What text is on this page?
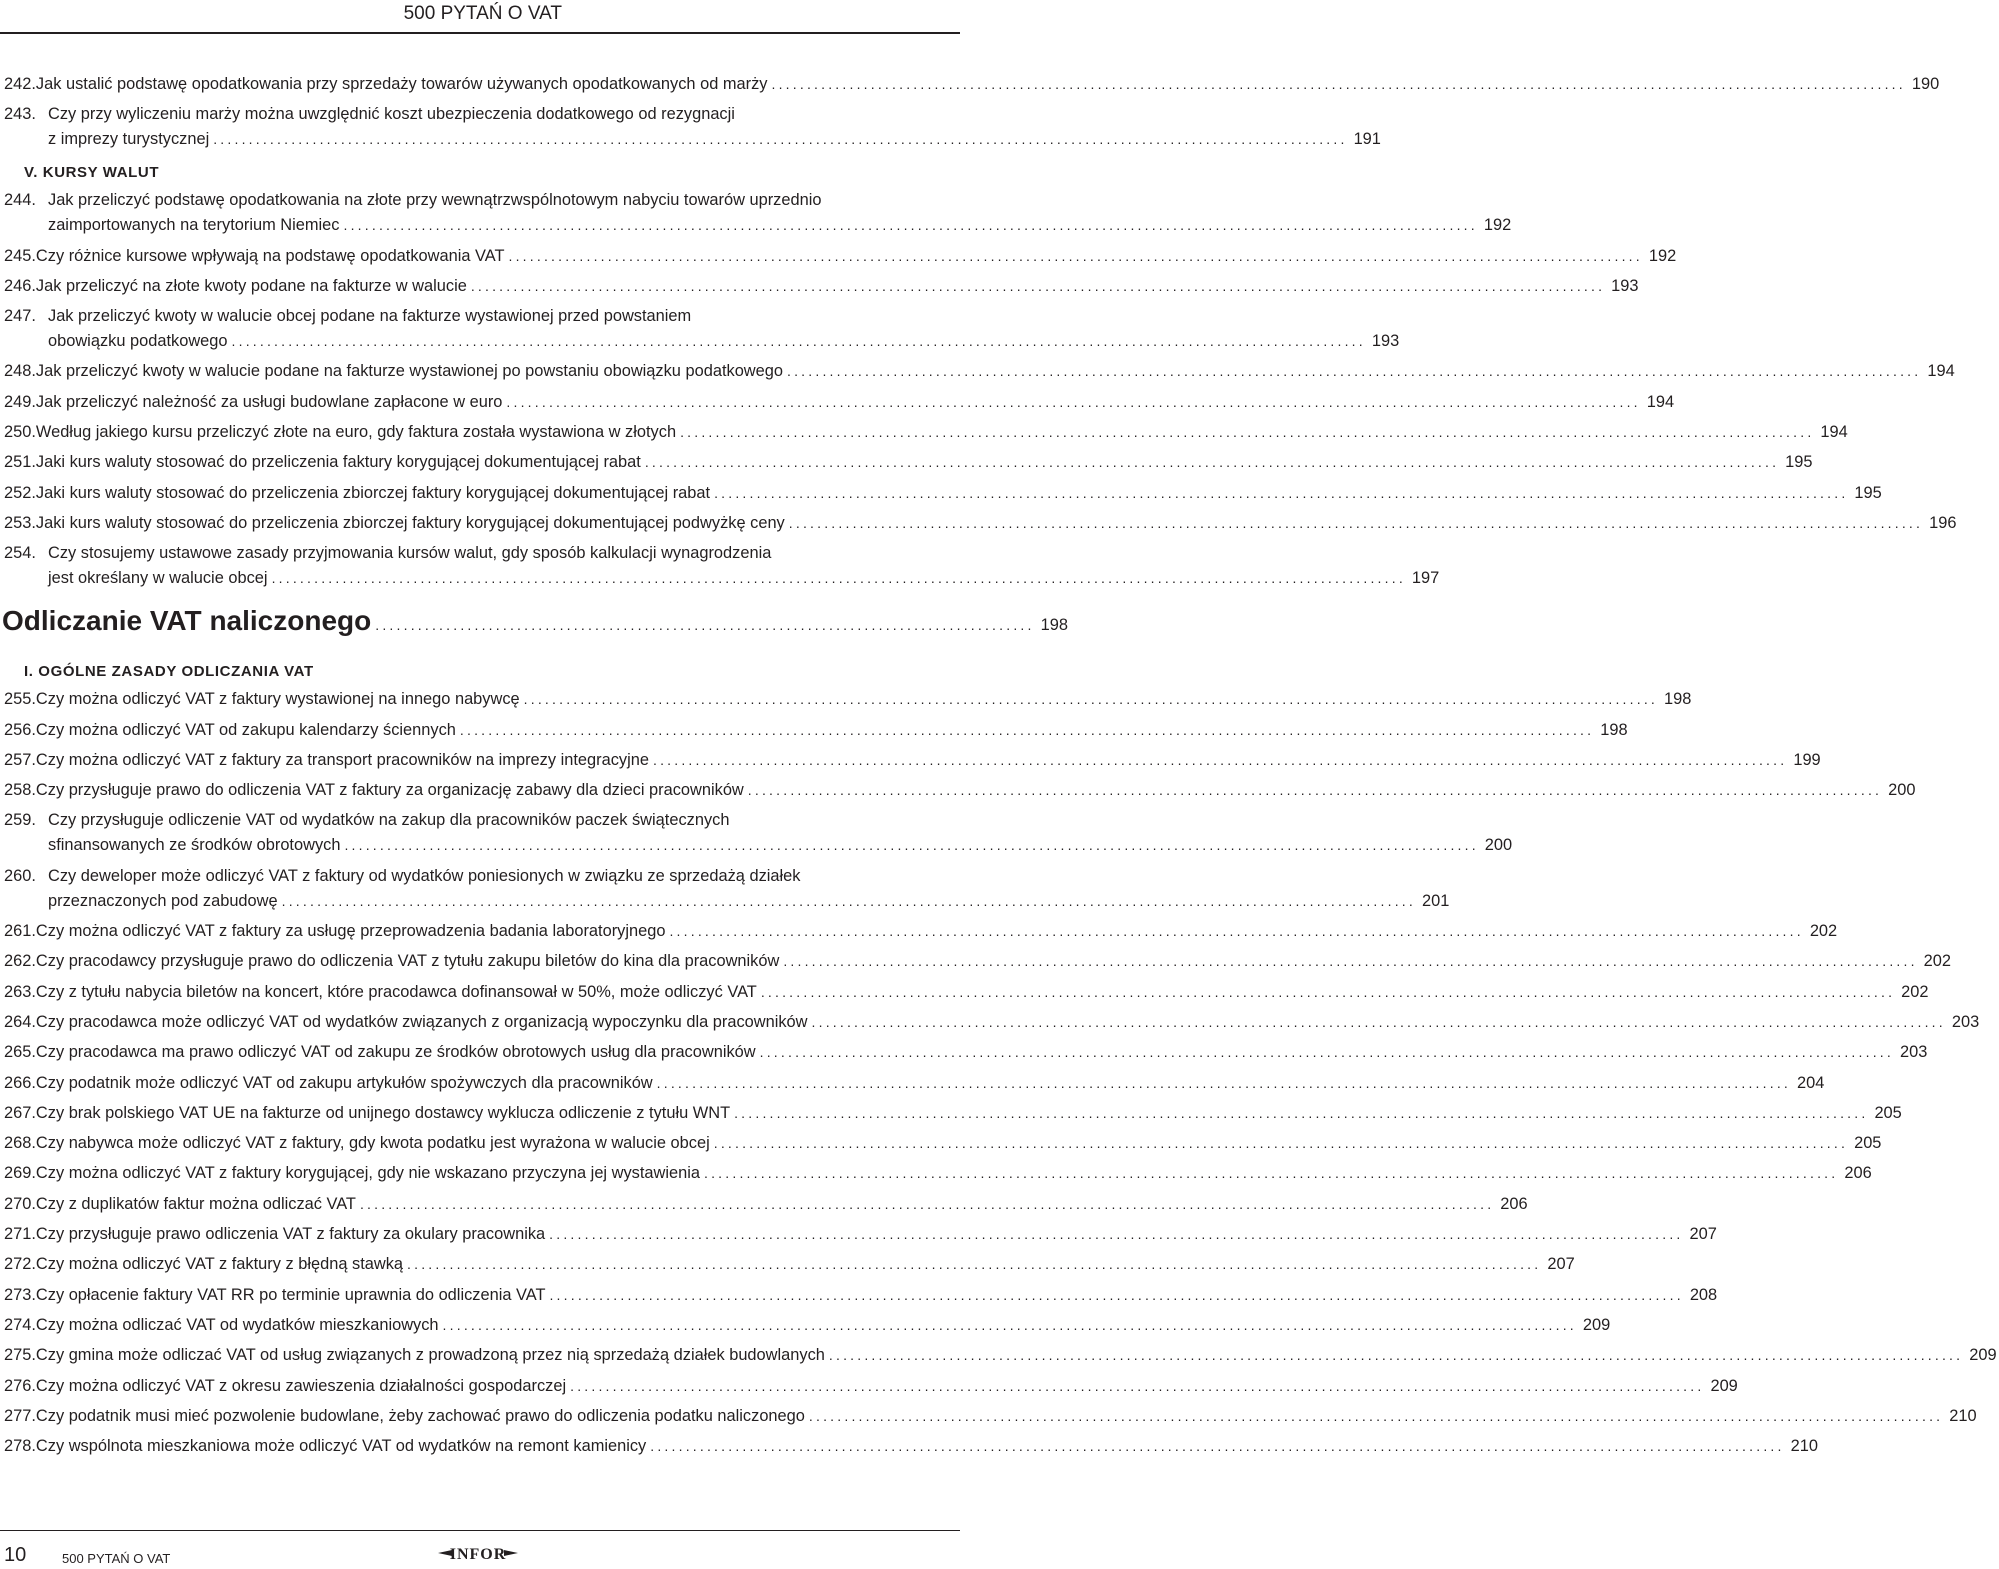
500 PYTAŃ O VAT
242. Jak ustalić podstawę opodatkowania przy sprzedaży towarów używanych opodatkowanych od marży ................................................................................................................................................................ 190
243. Czy przy wyliczeniu marży można uwzględnić koszt ubezpieczenia dodatkowego od rezygnacji
z imprezy turystycznej ................................................................................................................................................................ 191
V. KURSY WALUT
244. Jak przeliczyć podstawę opodatkowania na złote przy wewnątrzwspólnotowym nabyciu towarów uprzednio
zaimportowanych na terytorium Niemiec ................................................................................................................................................................ 192
245. Czy różnice kursowe wpływają na podstawę opodatkowania VAT ................................................................................................................................................................ 192
246. Jak przeliczyć na złote kwoty podane na fakturze w walucie ................................................................................................................................................................ 193
247. Jak przeliczyć kwoty w walucie obcej podane na fakturze wystawionej przed powstaniem
obowiązku podatkowego ................................................................................................................................................................ 193
248. Jak przeliczyć kwoty w walucie podane na fakturze wystawionej po powstaniu obowiązku podatkowego ................................................................................................................................................................ 194
249. Jak przeliczyć należność za usługi budowlane zapłacone w euro ................................................................................................................................................................ 194
250. Według jakiego kursu przeliczyć złote na euro, gdy faktura została wystawiona w złotych ................................................................................................................................................................ 194
251. Jaki kurs waluty stosować do przeliczenia faktury korygującej dokumentującej rabat ................................................................................................................................................................ 195
252. Jaki kurs waluty stosować do przeliczenia zbiorczej faktury korygującej dokumentującej rabat ................................................................................................................................................................ 195
253. Jaki kurs waluty stosować do przeliczenia zbiorczej faktury korygującej dokumentującej podwyżkę ceny ................................................................................................................................................................ 196
254. Czy stosujemy ustawowe zasady przyjmowania kursów walut, gdy sposób kalkulacji wynagrodzenia
jest określany w walucie obcej ................................................................................................................................................................ 197
Odliczanie VAT naliczonego ............................................................................................. 198
I. OGÓLNE ZASADY ODLICZANIA VAT
255. Czy można odliczyć VAT z faktury wystawionej na innego nabywcę ................................................................................................................................................................ 198
256. Czy można odliczyć VAT od zakupu kalendarzy ściennych ................................................................................................................................................................ 198
257. Czy można odliczyć VAT z faktury za transport pracowników na imprezy integracyjne ................................................................................................................................................................ 199
258. Czy przysługuje prawo do odliczenia VAT z faktury za organizację zabawy dla dzieci pracowników ................................................................................................................................................................ 200
259. Czy przysługuje odliczenie VAT od wydatków na zakup dla pracowników paczek świątecznych
sfinansowanych ze środków obrotowych ................................................................................................................................................................ 200
260. Czy deweloper może odliczyć VAT z faktury od wydatków poniesionych w związku ze sprzedażą działek
przeznaczonych pod zabudowę ................................................................................................................................................................ 201
261. Czy można odliczyć VAT z faktury za usługę przeprowadzenia badania laboratoryjnego ................................................................................................................................................................ 202
262. Czy pracodawcy przysługuje prawo do odliczenia VAT z tytułu zakupu biletów do kina dla pracowników ................................................................................................................................................................ 202
263. Czy z tytułu nabycia biletów na koncert, które pracodawca dofinansował w 50%, może odliczyć VAT ................................................................................................................................................................ 202
264. Czy pracodawca może odliczyć VAT od wydatków związanych z organizacją wypoczynku dla pracowników ................................................................................................................................................................ 203
265. Czy pracodawca ma prawo odliczyć VAT od zakupu ze środków obrotowych usług dla pracowników ................................................................................................................................................................ 203
266. Czy podatnik może odliczyć VAT od zakupu artykułów spożywczych dla pracowników ................................................................................................................................................................ 204
267. Czy brak polskiego VAT UE na fakturze od unijnego dostawcy wyklucza odliczenie z tytułu WNT ................................................................................................................................................................ 205
268. Czy nabywca może odliczyć VAT z faktury, gdy kwota podatku jest wyrażona w walucie obcej ................................................................................................................................................................ 205
269. Czy można odliczyć VAT z faktury korygującej, gdy nie wskazano przyczyna jej wystawienia ................................................................................................................................................................ 206
270. Czy z duplikatów faktur można odliczać VAT ................................................................................................................................................................ 206
271. Czy przysługuje prawo odliczenia VAT z faktury za okulary pracownika ................................................................................................................................................................ 207
272. Czy można odliczyć VAT z faktury z błędną stawką ................................................................................................................................................................ 207
273. Czy opłacenie faktury VAT RR po terminie uprawnia do odliczenia VAT ................................................................................................................................................................ 208
274. Czy można odliczać VAT od wydatków mieszkaniowych ................................................................................................................................................................ 209
275. Czy gmina może odliczać VAT od usług związanych z prowadzoną przez nią sprzedażą działek budowlanych ................................................................................................................................................................ 209
276. Czy można odliczyć VAT z okresu zawieszenia działalności gospodarczej ................................................................................................................................................................ 209
277. Czy podatnik musi mieć pozwolenie budowlane, żeby zachować prawo do odliczenia podatku naliczonego ................................................................................................................................................................ 210
278. Czy wspólnota mieszkaniowa może odliczyć VAT od wydatków na remont kamienicy ................................................................................................................................................................ 210
10	500 PYTAŃ O VAT	INFOR
